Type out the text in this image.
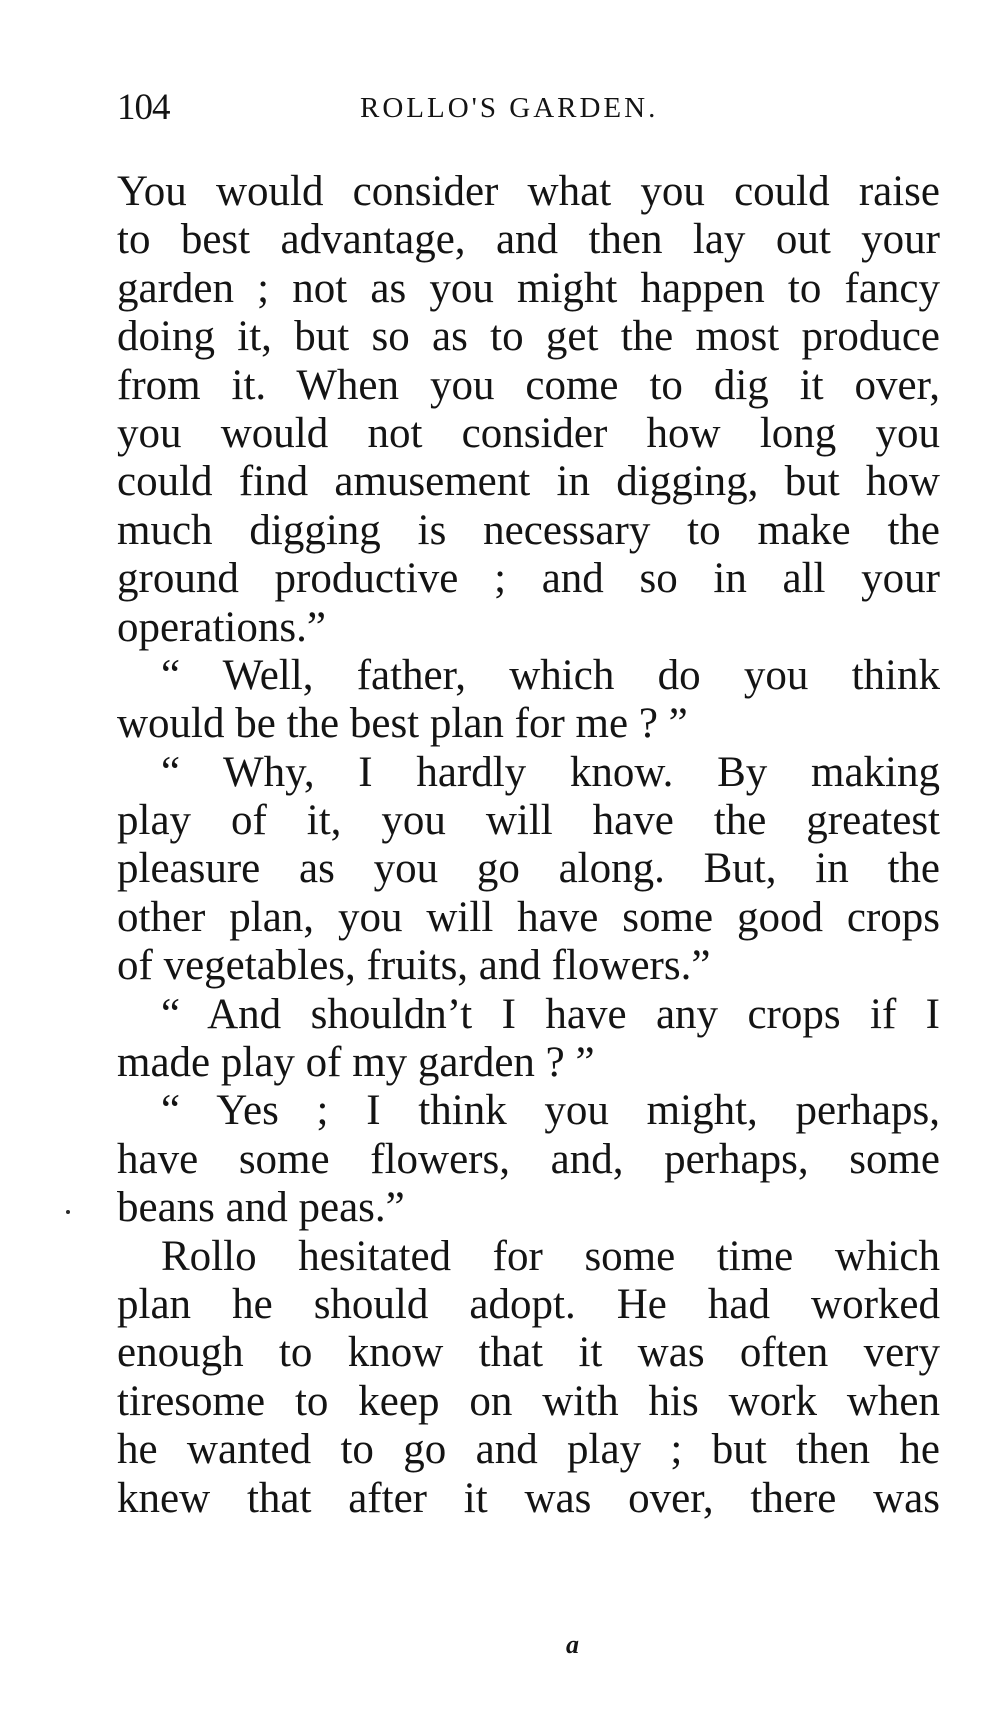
104	ROLLO'S GARDEN.
You would consider what you could raise
to best advantage, and then lay out your
garden ; not as you might happen to fancy
doing it, but so as to get the most produce
from it. When you come to dig it over,
you would not consider how long you
could find amusement in digging, but how
much digging is necessary to make the
ground productive ; and so in all your
operations.”
“ Well, father, which do you think
would be the best plan for me ? ”
“ Why, I hardly know. By making
play of it, you will have the greatest
pleasure as you go along. But, in the
other plan, you will have some good crops
of vegetables, fruits, and flowers.”
“ And shouldn’t I have any crops if I
made play of my garden ? ”
“ Yes ; I think you might, perhaps,
have some flowers, and, perhaps, some
beans and peas.”
Rollo hesitated for some time which
plan he should adopt. He had worked
enough to know that it was often very
tiresome to keep on with his work when
he wanted to go and play ; but then he
knew that after it was over, there was
a
